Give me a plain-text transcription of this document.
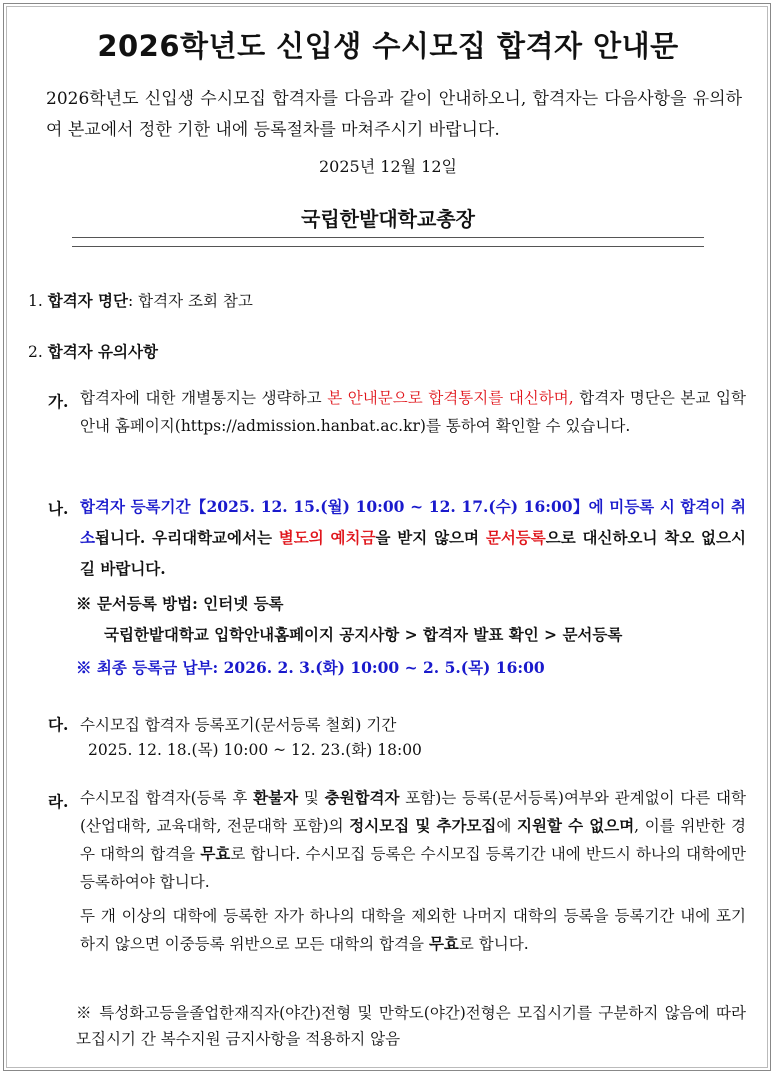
2026학년도 신입생 수시모집 합격자 안내문
2026학년도 신입생 수시모집 합격자를 다음과 같이 안내하오니, 합격자는 다음사항을 유의하여 본교에서 정한 기한 내에 등록절차를 마쳐주시기 바랍니다.
2025년 12월 12일
국립한밭대학교총장
1. 합격자 명단: 합격자 조회 참고
2. 합격자 유의사항
가. 합격자에 대한 개별통지는 생략하고 본 안내문으로 합격통지를 대신하며, 합격자 명단은 본교 입학안내 홈페이지(https://admission.hanbat.ac.kr)를 통하여 확인할 수 있습니다.
나. 합격자 등록기간【2025. 12. 15.(월) 10:00 ~ 12. 17.(수) 16:00】에 미등록 시 합격이 취소됩니다. 우리대학교에서는 별도의 예치금을 받지 않으며 문서등록으로 대신하오니 착오 없으시길 바랍니다.
※ 문서등록 방법: 인터넷 등록
국립한밭대학교 입학안내홈페이지 공지사항 > 합격자 발표 확인 > 문서등록
※ 최종 등록금 납부: 2026. 2. 3.(화) 10:00 ~ 2. 5.(목) 16:00
다. 수시모집 합격자 등록포기(문서등록 철회) 기간
2025. 12. 18.(목) 10:00 ~ 12. 23.(화) 18:00
라. 수시모집 합격자(등록 후 환불자 및 충원합격자 포함)는 등록(문서등록)여부와 관계없이 다른 대학(산업대학, 교육대학, 전문대학 포함)의 정시모집 및 추가모집에 지원할 수 없으며, 이를 위반한 경우 대학의 합격을 무효로 합니다. 수시모집 등록은 수시모집 등록기간 내에 반드시 하나의 대학에만 등록하여야 합니다.
두 개 이상의 대학에 등록한 자가 하나의 대학을 제외한 나머지 대학의 등록을 등록기간 내에 포기하지 않으면 이중등록 위반으로 모든 대학의 합격을 무효로 합니다.
※ 특성화고등을졸업한재직자(야간)전형 및 만학도(야간)전형은 모집시기를 구분하지 않음에 따라 모집시기 간 복수지원 금지사항을 적용하지 않음
